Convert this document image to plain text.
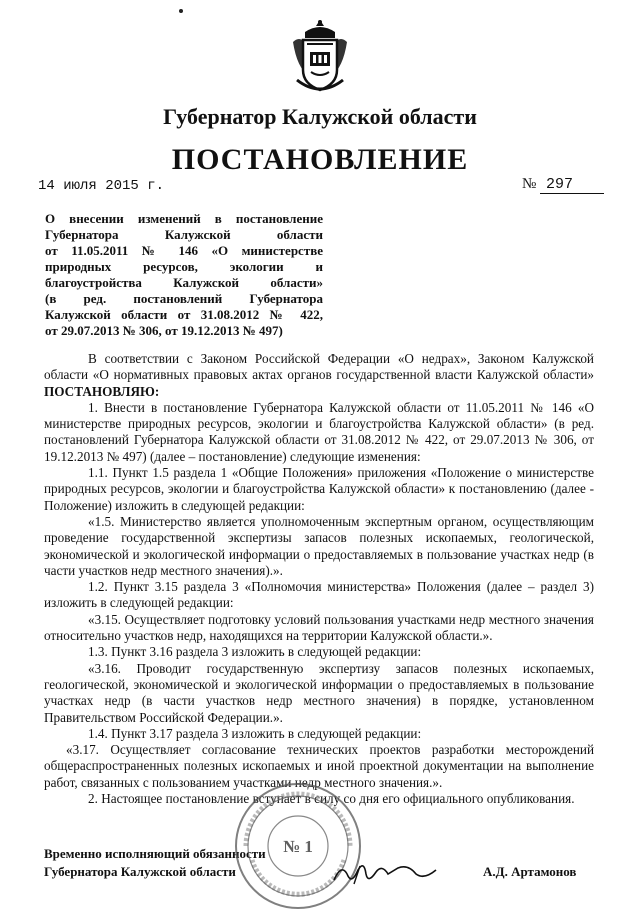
Губернатор Калужской области
ПОСТАНОВЛЕНИЕ
14 июля 2015 г.	№ 297
О внесении изменений в постановление
Губернатора Калужской области
от 11.05.2011 № 146 «О министерстве
природных ресурсов, экологии и
благоустройства Калужской области»
(в ред. постановлений Губернатора
Калужской области от 31.08.2012 № 422,
от 29.07.2013 № 306, от 19.12.2013 № 497)

В соответствии с Законом Российской Федерации «О недрах», Законом Калужской области «О нормативных правовых актах органов государственной власти Калужской области» ПОСТАНОВЛЯЮ:

1. Внести в постановление Губернатора Калужской области от 11.05.2011 № 146 «О министерстве природных ресурсов, экологии и благоустройства Калужской области» (в ред. постановлений Губернатора Калужской области от 31.08.2012 № 422, от 29.07.2013 № 306, от 19.12.2013 № 497) (далее – постановление) следующие изменения:

1.1. Пункт 1.5 раздела 1 «Общие Положения» приложения «Положение о министерстве природных ресурсов, экологии и благоустройства Калужской области» к постановлению (далее - Положение) изложить в следующей редакции:

«1.5. Министерство является уполномоченным экспертным органом, осуществляющим проведение государственной экспертизы запасов полезных ископаемых, геологической, экономической и экологической информации о предоставляемых в пользование участках недр (в части участков недр местного значения).».

1.2. Пункт 3.15 раздела 3 «Полномочия министерства» Положения (далее – раздел 3) изложить в следующей редакции:

«3.15. Осуществляет подготовку условий пользования участками недр местного значения относительно участков недр, находящихся на территории Калужской области.».

1.3. Пункт 3.16 раздела 3 изложить в следующей редакции:

«3.16. Проводит государственную экспертизу запасов полезных ископаемых, геологической, экономической и экологической информации о предоставляемых в пользование участках недр (в части участков недр местного значения) в порядке, установленном Правительством Российской Федерации.».

1.4. Пункт 3.17 раздела 3 изложить в следующей редакции:

«3.17. Осуществляет согласование технических проектов разработки месторождений общераспространенных полезных ископаемых и иной проектной документации на выполнение работ, связанных с пользованием участками недр местного значения.».

2. Настоящее постановление вступает в силу со дня его официального опубликования.

Временно исполняющий обязанности
Губернатора Калужской области	А.Д. Артамонов
№ 1
